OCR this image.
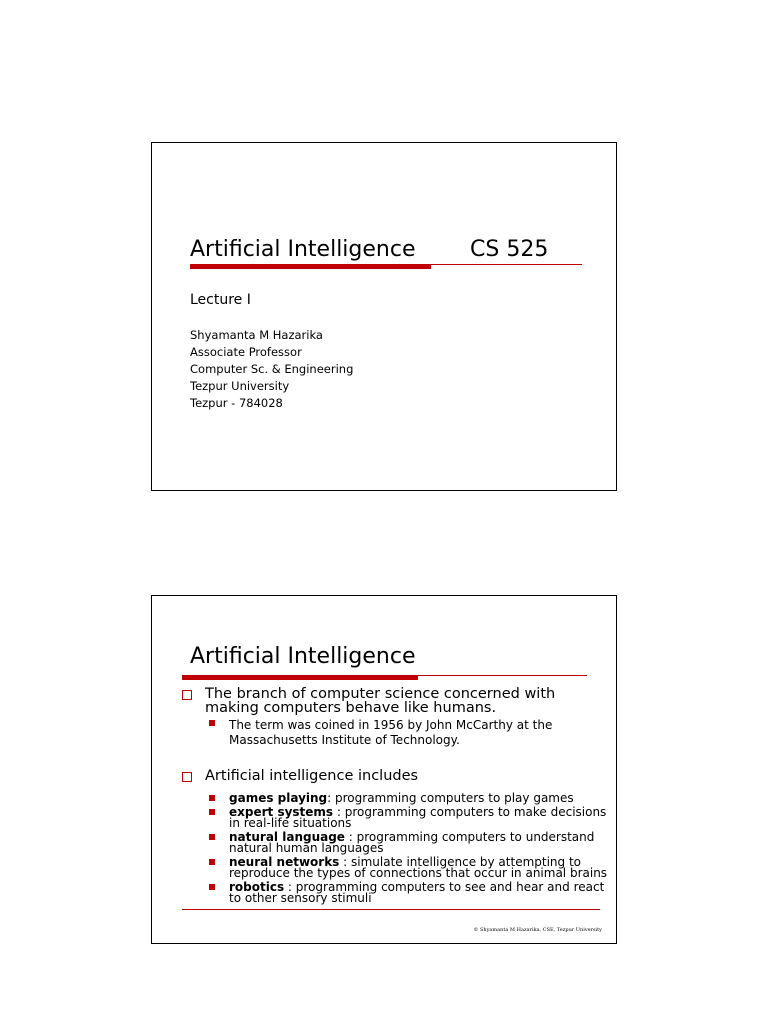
Artificial Intelligence CS 525
Lecture I
Shyamanta M Hazarika
Associate Professor
Computer Sc. & Engineering
Tezpur University
Tezpur - 784028
Artificial Intelligence
The branch of computer science concerned with making computers behave like humans.
The term was coined in 1956 by John McCarthy at the Massachusetts Institute of Technology.
Artificial intelligence includes
games playing: programming computers to play games
expert systems : programming computers to make decisions in real-life situations
natural language : programming computers to understand natural human languages
neural networks : simulate intelligence by attempting to reproduce the types of connections that occur in animal brains
robotics : programming computers to see and hear and react to other sensory stimuli
© Shyamanta M Hazarika, CSE, Tezpur University
